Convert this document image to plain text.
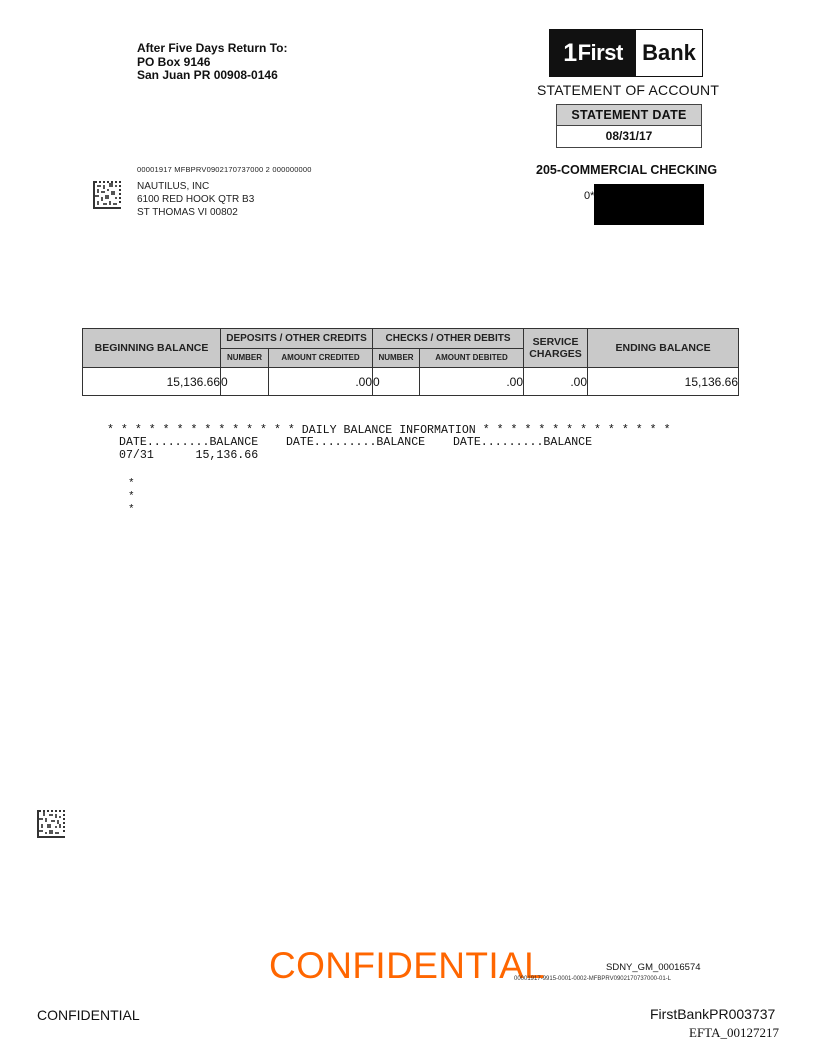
After Five Days Return To:
PO Box 9146
San Juan PR 00908-0146
1 First Bank
STATEMENT OF ACCOUNT
STATEMENT DATE
08/31/17
00001917 MFBPRV0902170737000 2 000000000	205-COMMERCIAL CHECKING
0*
NAUTILUS, INC
6100 RED HOOK QTR B3
ST THOMAS VI 00802
BEGINNING BALANCE	DEPOSITS / OTHER CREDITS		CHECKS / OTHER DEBITS		SERVICE CHARGES	ENDING BALANCE
	NUMBER	AMOUNT CREDITED	NUMBER	AMOUNT DEBITED		
15,136.66	0	.00	0	.00	.00	15,136.66
* * * * * * * * * * * * * * DAILY BALANCE INFORMATION * * * * * * * * * * * * * *
DATE.........BALANCE    DATE.........BALANCE    DATE.........BALANCE
07/31	15,136.66
*
*
*
CONFIDENTIAL	SDNY_GM_00016574
00001917-9915-0001-0002-MFBPRV0902170737000-01-L
CONFIDENTIAL	FirstBankPR003737
EFTA_00127217
